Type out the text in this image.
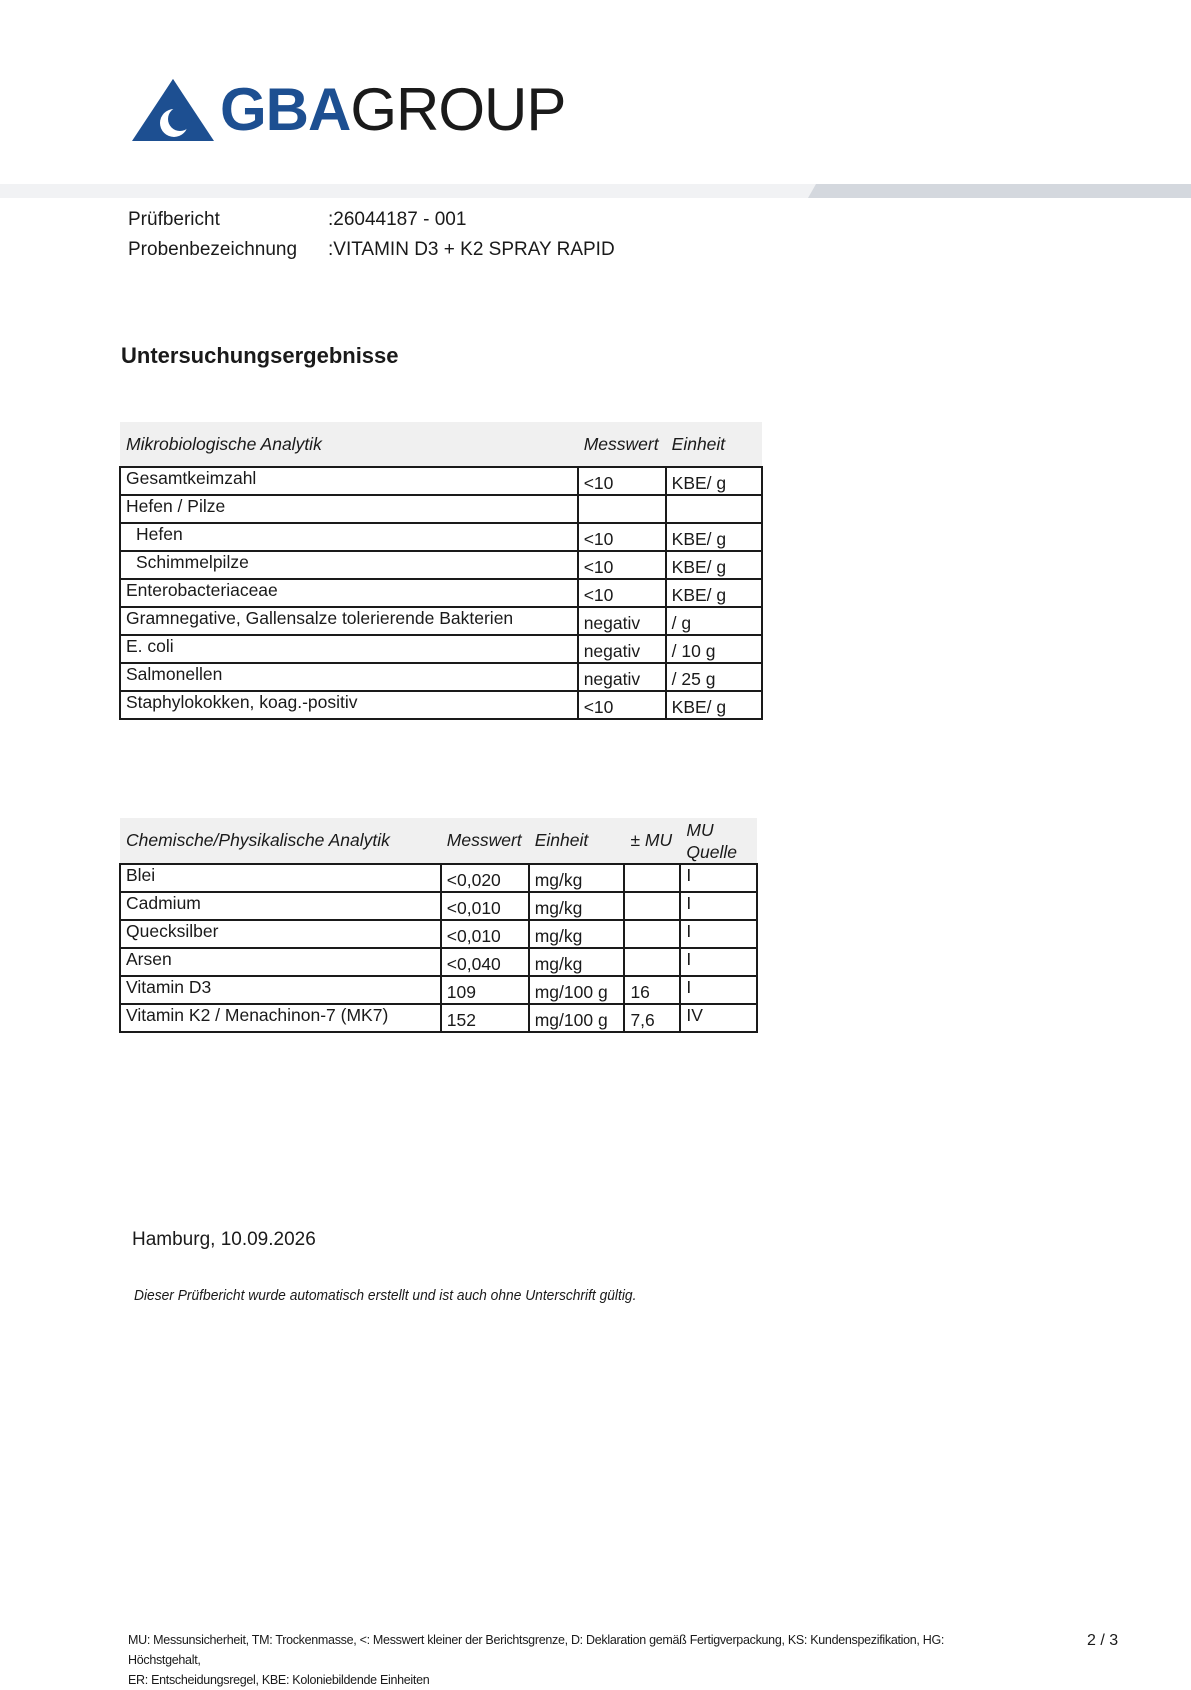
GBAGROUP
Prüfbericht	:26044187 - 001
Probenbezeichnung :VITAMIN D3 + K2 SPRAY RAPID
Untersuchungsergebnisse
Mikrobiologische Analytik	Messwert	Einheit
Gesamtkeimzahl	<10	KBE/ g
Hefen / Pilze		
Hefen	<10	KBE/ g
Schimmelpilze	<10	KBE/ g
Enterobacteriaceae	<10	KBE/ g
Gramnegative, Gallensalze tolerierende Bakterien	negativ	/ g
E. coli	negativ	/ 10 g
Salmonellen	negativ	/ 25 g
Staphylokokken, koag.-positiv	<10	KBE/ g
Chemische/Physikalische Analytik	Messwert	Einheit	± MU	MU
Quelle
Blei	<0,020	mg/kg		I
Cadmium	<0,010	mg/kg		I
Quecksilber	<0,010	mg/kg		I
Arsen	<0,040	mg/kg		I
Vitamin D3	109	mg/100 g	16	I
Vitamin K2 / Menachinon-7 (MK7)	152	mg/100 g	7,6	IV
Hamburg, 10.09.2026
Dieser Prüfbericht wurde automatisch erstellt und ist auch ohne Unterschrift gültig.
MU: Messunsicherheit, TM: Trockenmasse, <: Messwert kleiner der Berichtsgrenze, D: Deklaration gemäß Fertigverpackung, KS: Kundenspezifikation, HG: Höchstgehalt,
ER: Entscheidungsregel, KBE: Koloniebildende Einheiten
2 / 3
